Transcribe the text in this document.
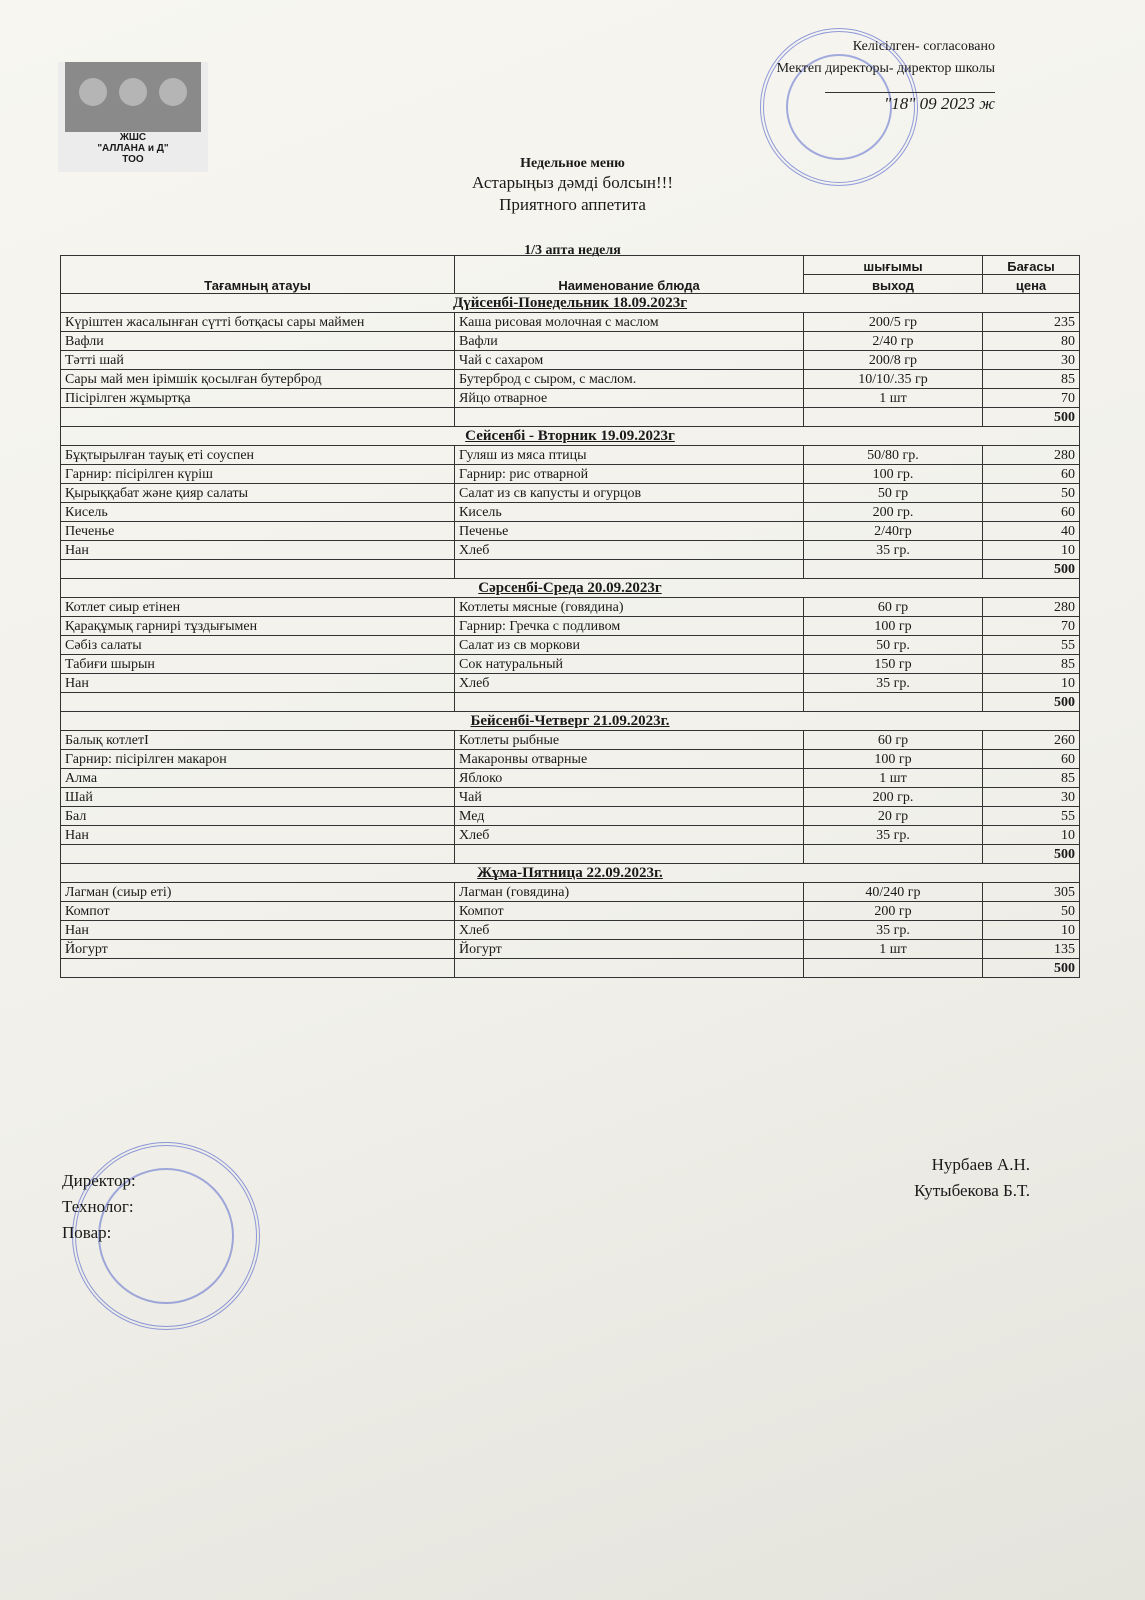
ЖШС
"АЛЛАНА и Д"
ТОО
Келісілген- согласовано
Мектеп директоры- директор школы
"18" 09 2023 ж
Недельное меню
Астарыңыз дәмді болсын!!!
Приятного аппетита
1/3 апта неделя
Тағамның атауы	Наименование блюда	шығымы	Бағасы
		выход	цена
Дүйсенбі-Понедельник 18.09.2023г			
Күріштен жасалынған сүтті ботқасы сары маймен	Каша рисовая молочная с маслом	200/5 гр	235
Вафли	Вафли	2/40 гр	80
Тәтті шай	Чай с сахаром	200/8 гр	30
Сары май мен ірімшік қосылған бутерброд	Бутерброд с сыром, с маслом.	10/10/.35 гр	85
Пісірілген жұмыртқа	Яйцо отварное	1 шт	70
			500
Сейсенбі - Вторник 19.09.2023г			
Бұқтырылған тауық еті соуспен	Гуляш из мяса птицы	50/80 гр.	280
Гарнир: пісірілген күріш	Гарнир: рис отварной	100 гр.	60
Қырыққабат және қияр салаты	Салат из св капусты и огурцов	50 гр	50
Кисель	Кисель	200 гр.	60
Печенье	Печенье	2/40гр	40
Нан	Хлеб	35 гр.	10
			500
Сәрсенбі-Среда 20.09.2023г			
Котлет сиыр етінен	Котлеты мясные (говядина)	60 гр	280
Қарақұмық гарнирі тұздығымен	Гарнир: Гречка с подливом	100 гр	70
Сәбіз салаты	Салат из св моркови	50 гр.	55
Табиғи шырын	Сок натуральный	150 гр	85
Нан	Хлеб	35 гр.	10
			500
Бейсенбі-Четверг 21.09.2023г.			
Балық котлетІ	Котлеты рыбные	60 гр	260
Гарнир: пісірілген макарон	Макаронвы отварные	100 гр	60
Алма	Яблоко	1 шт	85
Шай	Чай	200 гр.	30
Бал	Мед	20 гр	55
Нан	Хлеб	35 гр.	10
			500
Жұма-Пятница 22.09.2023г.			
Лагман (сиыр еті)	Лагман (говядина)	40/240 гр	305
Компот	Компот	200 гр	50
Нан	Хлеб	35 гр.	10
Йогурт	Йогурт	1 шт	135
			500
Директор:
Технолог:
Повар:
Нурбаев А.Н.
Кутыбекова Б.Т.
